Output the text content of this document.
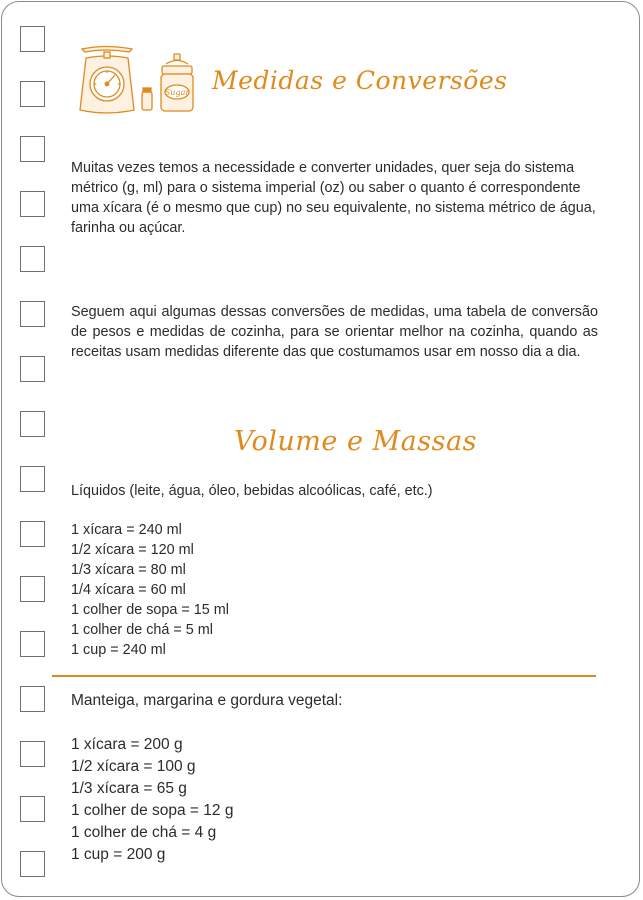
Sugar Medidas e Conversões

Muitas vezes temos a necessidade e converter unidades, quer seja do sistema métrico (g, ml) para o sistema imperial (oz) ou saber o quanto é correspondente uma xícara (é o mesmo que cup) no seu equivalente, no sistema métrico de água, farinha ou açúcar.

Seguem aqui algumas dessas conversões de medidas, uma tabela de conversão de pesos e medidas de cozinha, para se orientar melhor na cozinha, quando as receitas usam medidas diferente das que costumamos usar em nosso dia a dia.

Volume e Massas

Líquidos (leite, água, óleo, bebidas alcoólicas, café, etc.)

1 xícara = 240 ml
1/2 xícara = 120 ml
1/3 xícara = 80 ml
1/4 xícara = 60 ml
1 colher de sopa = 15 ml
1 colher de chá = 5 ml
1 cup = 240 ml

Manteiga, margarina e gordura vegetal:

1 xícara = 200 g
1/2 xícara = 100 g
1/3 xícara = 65 g
1 colher de sopa = 12 g
1 colher de chá = 4 g
1 cup = 200 g
